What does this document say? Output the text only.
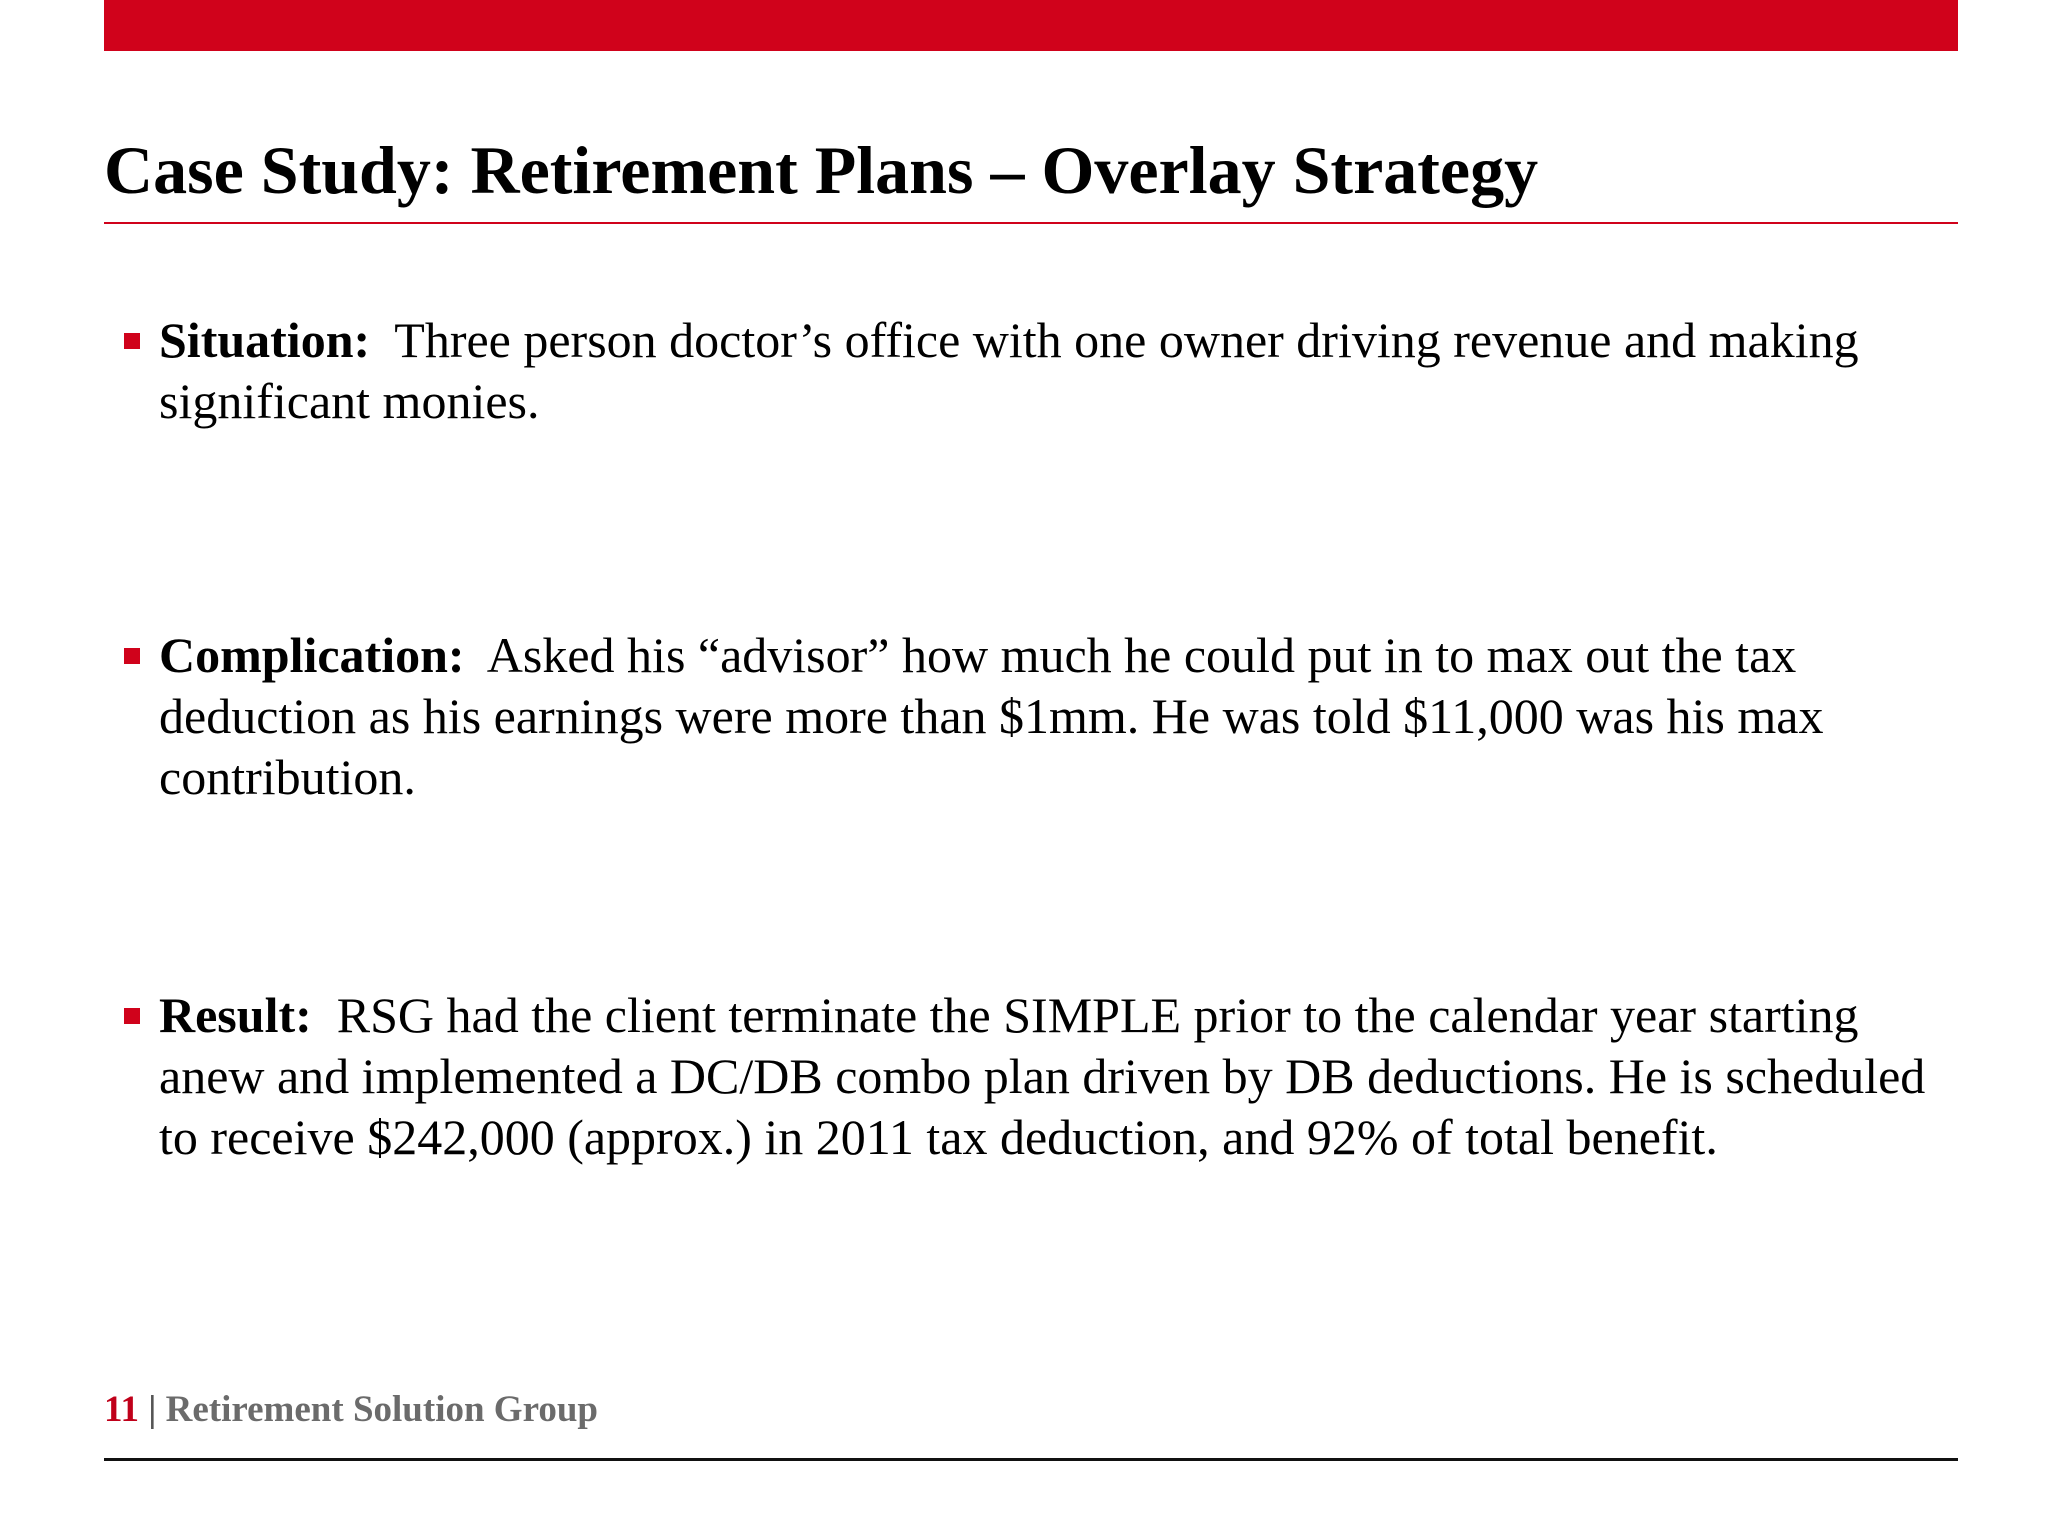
Case Study: Retirement Plans – Overlay Strategy
Situation: Three person doctor’s office with one owner driving revenue and making significant monies.
Complication: Asked his “advisor” how much he could put in to max out the tax deduction as his earnings were more than $1mm. He was told $11,000 was his max contribution.
Result: RSG had the client terminate the SIMPLE prior to the calendar year starting anew and implemented a DC/DB combo plan driven by DB deductions. He is scheduled to receive $242,000 (approx.) in 2011 tax deduction, and 92% of total benefit.
11 | Retirement Solution Group
